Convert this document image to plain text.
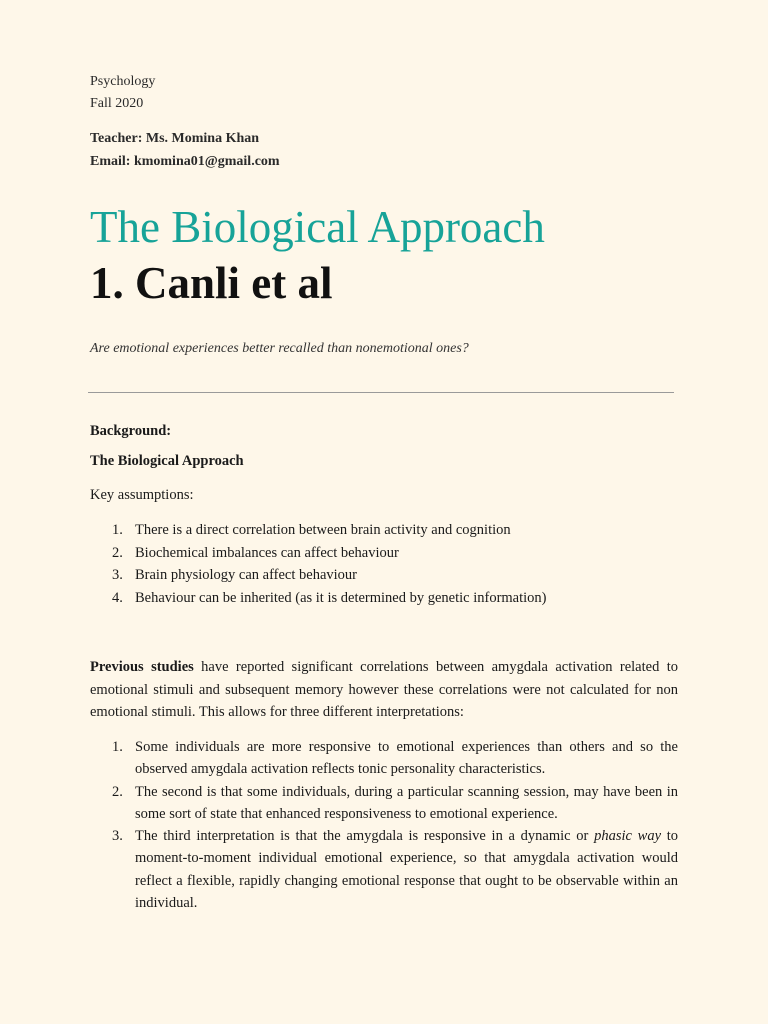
Psychology
Fall 2020
Teacher: Ms. Momina Khan
Email: kmomina01@gmail.com
The Biological Approach
1. Canli et al
Are emotional experiences better recalled than nonemotional ones?
Background:
The Biological Approach
Key assumptions:
1. There is a direct correlation between brain activity and cognition
2. Biochemical imbalances can affect behaviour
3. Brain physiology can affect behaviour
4. Behaviour can be inherited (as it is determined by genetic information)

Previous studies have reported significant correlations between amygdala activation related to emotional stimuli and subsequent memory however these correlations were not calculated for non emotional stimuli. This allows for three different interpretations:

1. Some individuals are more responsive to emotional experiences than others and so the observed amygdala activation reflects tonic personality characteristics.
2. The second is that some individuals, during a particular scanning session, may have been in some sort of state that enhanced responsiveness to emotional experience.
3. The third interpretation is that the amygdala is responsive in a dynamic or phasic way to moment-to-moment individual emotional experience, so that amygdala activation would reflect a flexible, rapidly changing emotional response that ought to be observable within an individual.
